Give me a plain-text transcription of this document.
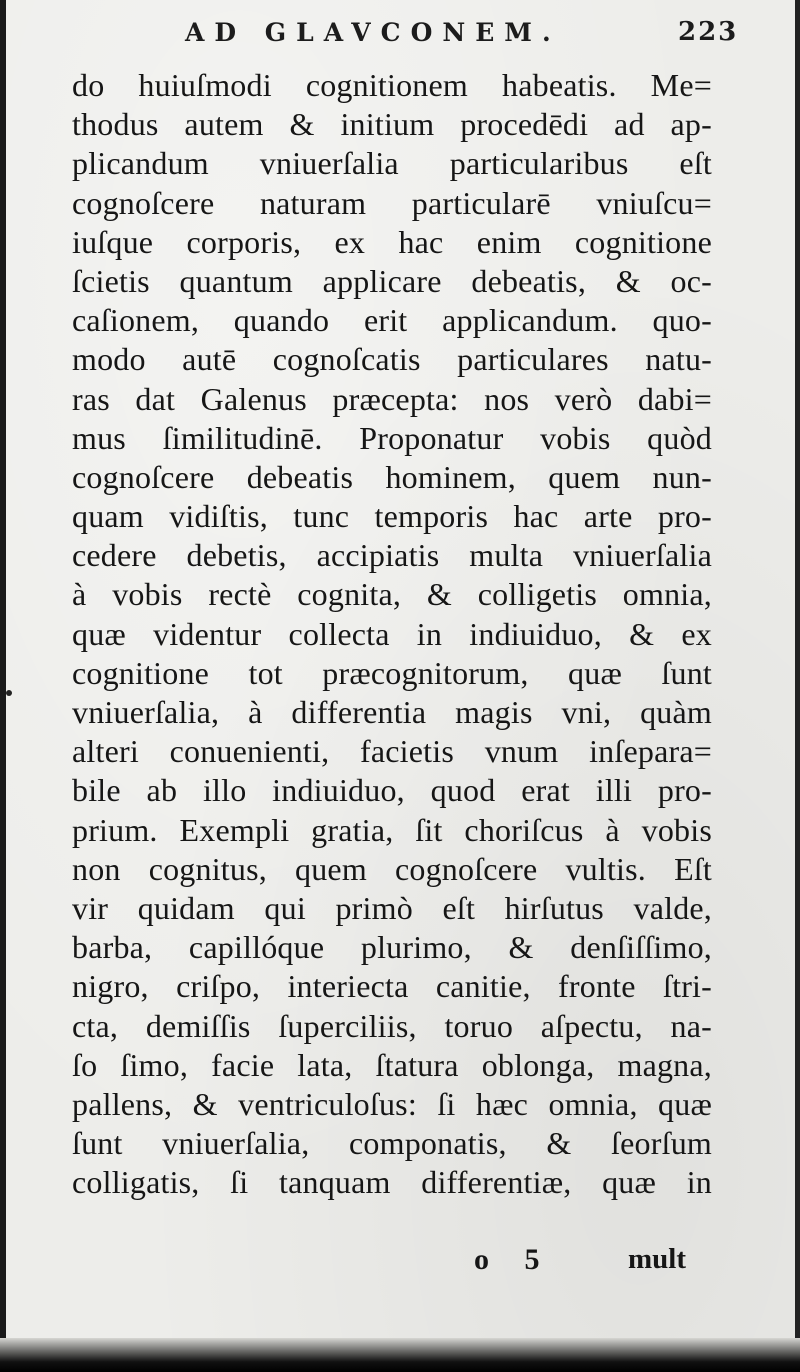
AD GLAVCONEM.	223
do huiuſmodi cognitionem habeatis. Me=
thodus autem & initium procedēdi ad ap-
plicandum vniuerſalia particularibus eſt
cognoſcere naturam particularē vniuſcu=
iuſque corporis, ex hac enim cognitione
ſcietis quantum applicare debeatis, & oc-
caſionem, quando erit applicandum. quo-
modo autē cognoſcatis particulares natu-
ras dat Galenus præcepta: nos verò dabi=
mus ſimilitudinē. Proponatur vobis quòd
cognoſcere debeatis hominem, quem nun-
quam vidiſtis, tunc temporis hac arte pro-
cedere debetis, accipiatis multa vniuerſalia
à vobis rectè cognita, & colligetis omnia,
quæ videntur collecta in indiuiduo, & ex
cognitione tot præcognitorum, quæ ſunt
vniuerſalia, à differentia magis vni, quàm
alteri conuenienti, facietis vnum inſepara=
bile ab illo indiuiduo, quod erat illi pro-
prium. Exempli gratia, ſit choriſcus à vobis
non cognitus, quem cognoſcere vultis. Eſt
vir quidam qui primò eſt hirſutus valde,
barba, capillóque plurimo, & denſiſſimo,
nigro, criſpo, interiecta canitie, fronte ſtri-
cta, demiſſis ſuperciliis, toruo aſpectu, na-
ſo ſimo, facie lata, ſtatura oblonga, magna,
pallens, & ventriculoſus: ſi hæc omnia, quæ
ſunt vniuerſalia, componatis, & ſeorſum
colligatis, ſi tanquam differentiæ, quæ in
o 5	mult
